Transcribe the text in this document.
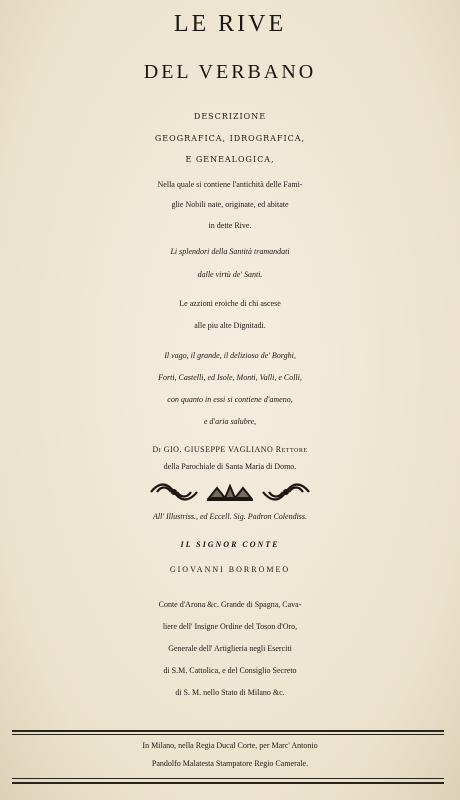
LE RIVE
DEL VERBANO
DESCRIZIONE
GEOGRAFICA, IDROGRAFICA,
E GENEALOGICA,
Nella quale si contiene l'antichità delle Fami-
glie Nobili nate, originate, ed abitate
in dette Rive.
Li splendori della Santità tramandati
dalle virtù de' Santi.
Le azzioni eroiche di chi ascese
alle piu alte Dignitadi.
Il vago, il grande, il delizioso de' Borghi,
Forti, Castelli, ed Isole, Monti, Valli, e Colli,
con quanto in essi si contiene d'ameno,
e d'aria salubre,
Di GIO. GIUSEPPE VAGLIANO Rettore
della Parochiale di Santa Maria di Domo.
All' Illustriss., ed Eccell. Sig. Padron Colendiss.
IL SIGNOR CONTE
GIOVANNI BORROMEO
Conte d'Arona &c. Grande di Spagna, Cava-
liere dell' Insigne Ordine del Toson d'Oro,
Generale dell' Artiglieria negli Eserciti
di S.M. Cattolica, e del Consiglio Secreto
di S. M. nello Stato di Milano &c.
In Milano, nella Regia Ducal Corte, per Marc' Antonio
Pandolfo Malatesta Stampatore Regio Camerale.
